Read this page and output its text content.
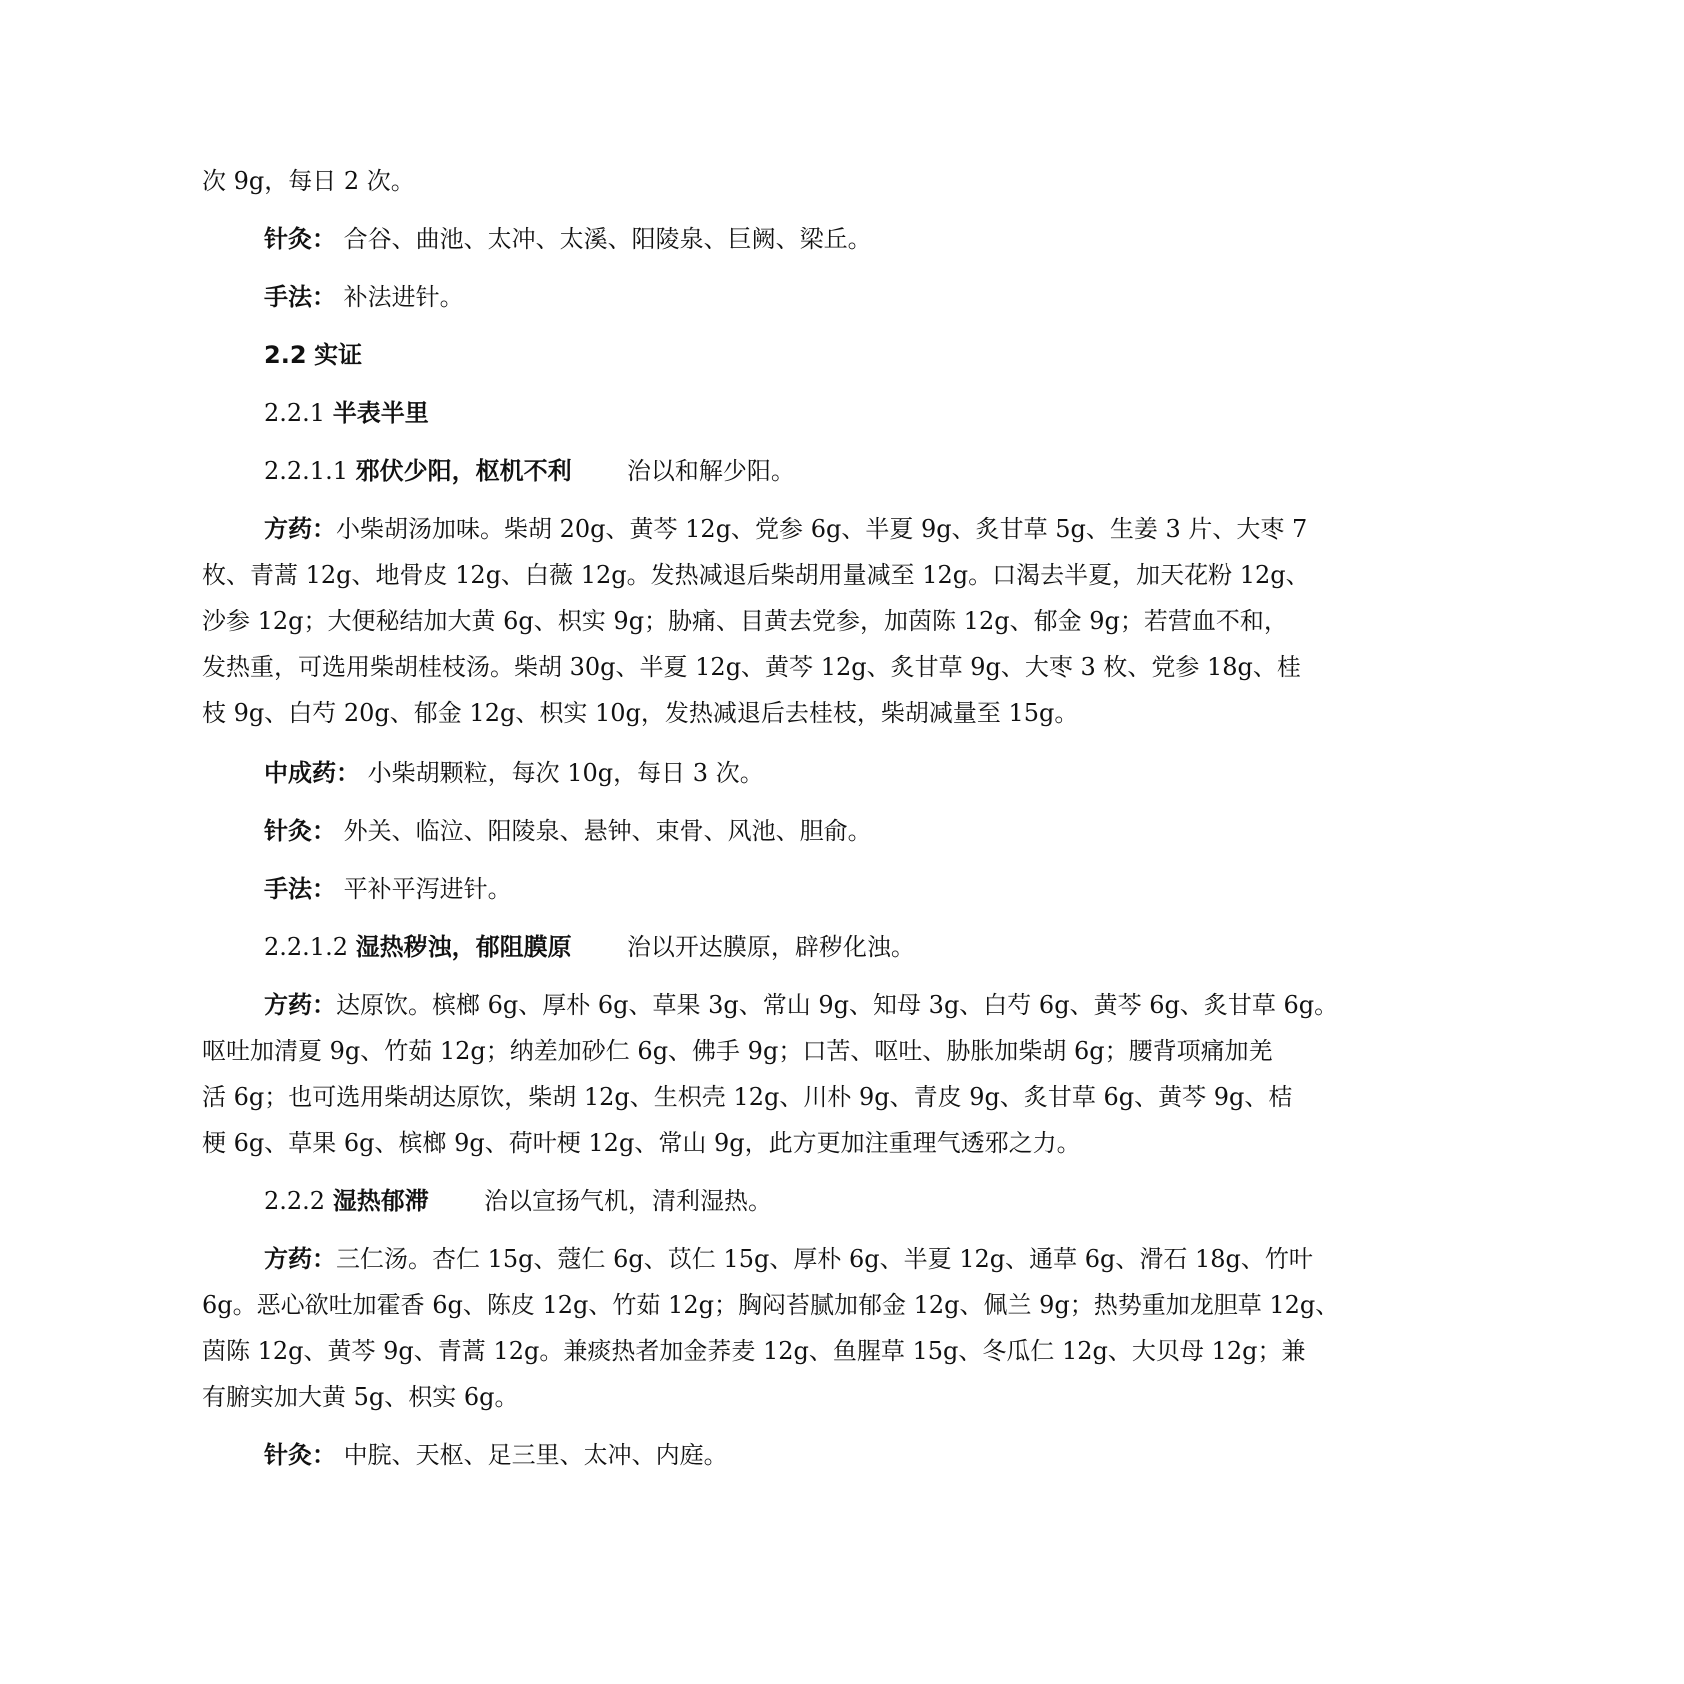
次 9g，每日 2 次。
针灸： 合谷、曲池、太冲、太溪、阳陵泉、巨阙、梁丘。
手法： 补法进针。
2.2 实证
2.2.1 半表半里
2.2.1.1 邪伏少阳，枢机不利 治以和解少阳。
方药：小柴胡汤加味。柴胡 20g、黄芩 12g、党参 6g、半夏 9g、炙甘草 5g、生姜 3 片、大枣 7
枚、青蒿 12g、地骨皮 12g、白薇 12g。发热减退后柴胡用量减至 12g。口渴去半夏，加天花粉 12g、
沙参 12g；大便秘结加大黄 6g、枳实 9g；胁痛、目黄去党参，加茵陈 12g、郁金 9g；若营血不和，
发热重，可选用柴胡桂枝汤。柴胡 30g、半夏 12g、黄芩 12g、炙甘草 9g、大枣 3 枚、党参 18g、桂
枝 9g、白芍 20g、郁金 12g、枳实 10g，发热减退后去桂枝，柴胡减量至 15g。
中成药： 小柴胡颗粒，每次 10g，每日 3 次。
针灸： 外关、临泣、阳陵泉、悬钟、束骨、风池、胆俞。
手法： 平补平泻进针。
2.2.1.2 湿热秽浊，郁阻膜原 治以开达膜原，辟秽化浊。
方药：达原饮。槟榔 6g、厚朴 6g、草果 3g、常山 9g、知母 3g、白芍 6g、黄芩 6g、炙甘草 6g。
呕吐加清夏 9g、竹茹 12g；纳差加砂仁 6g、佛手 9g；口苦、呕吐、胁胀加柴胡 6g；腰背项痛加羌
活 6g；也可选用柴胡达原饮，柴胡 12g、生枳壳 12g、川朴 9g、青皮 9g、炙甘草 6g、黄芩 9g、桔
梗 6g、草果 6g、槟榔 9g、荷叶梗 12g、常山 9g，此方更加注重理气透邪之力。
2.2.2 湿热郁滞 治以宣扬气机，清利湿热。
方药：三仁汤。杏仁 15g、蔻仁 6g、苡仁 15g、厚朴 6g、半夏 12g、通草 6g、滑石 18g、竹叶
6g。恶心欲吐加霍香 6g、陈皮 12g、竹茹 12g；胸闷苔腻加郁金 12g、佩兰 9g；热势重加龙胆草 12g、
茵陈 12g、黄芩 9g、青蒿 12g。兼痰热者加金荞麦 12g、鱼腥草 15g、冬瓜仁 12g、大贝母 12g；兼
有腑实加大黄 5g、枳实 6g。
针灸： 中脘、天枢、足三里、太冲、内庭。
